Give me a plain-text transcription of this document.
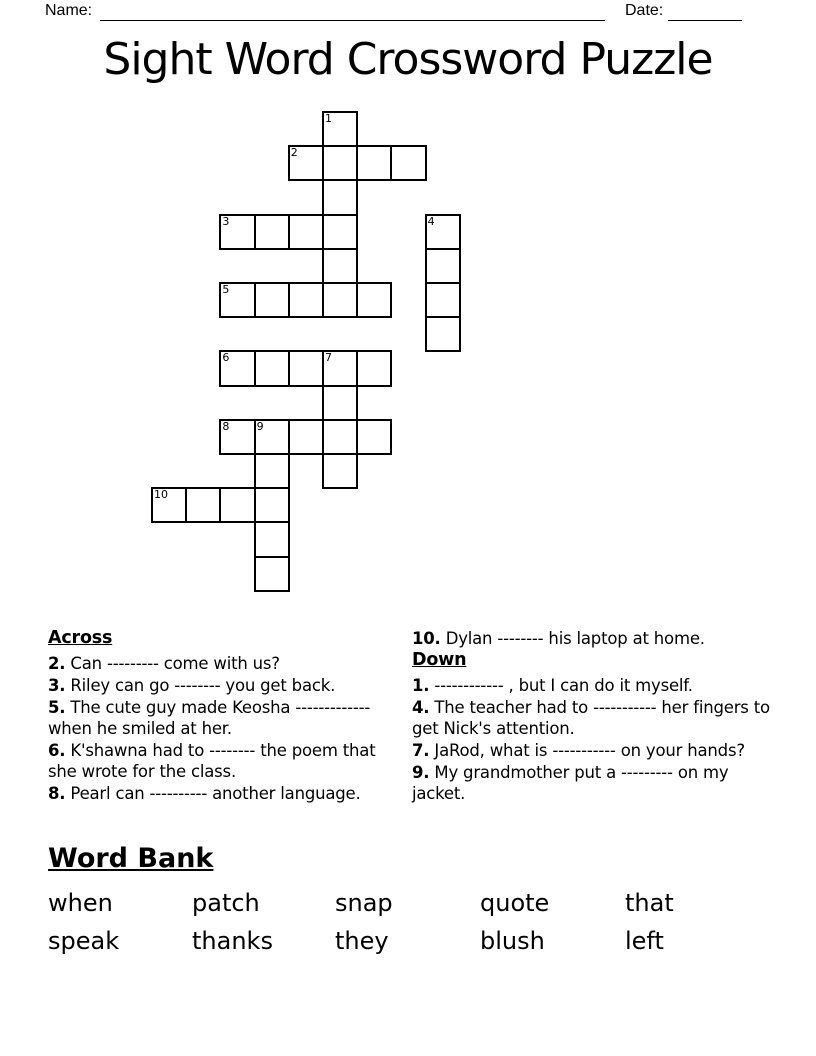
Name:	Date:
Sight Word Crossword Puzzle
1
2
3	4
5
6	7
8 9
10
Across
2. Can --------- come with us?
3. Riley can go -------- you get back.
5. The cute guy made Keosha ------------- when he smiled at her.
6. K'shawna had to -------- the poem that she wrote for the class.
8. Pearl can ---------- another language.
10. Dylan -------- his laptop at home.
Down
1. ------------ , but I can do it myself.
4. The teacher had to ----------- her fingers to get Nick's attention.
7. JaRod, what is ----------- on your hands?
9. My grandmother put a --------- on my jacket.
Word Bank
when	patch	snap	quote	that
speak	thanks	they	blush	left
